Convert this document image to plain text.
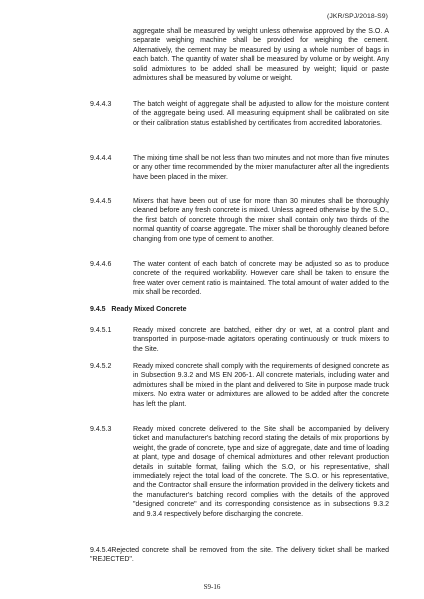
(JKR/SPJ/2018-S9)

aggregate shall be measured by weight unless otherwise approved by the S.O. A separate weighing machine shall be provided for weighing the cement. Alternatively, the cement may be measured by using a whole number of bags in each batch. The quantity of water shall be measured by volume or by weight. Any solid admixtures to be added shall be measured by weight; liquid or paste admixtures shall be measured by volume or weight.

9.4.4.3	The batch weight of aggregate shall be adjusted to allow for the moisture content of the aggregate being used. All measuring equipment shall be calibrated on site or their calibration status established by certificates from accredited laboratories.

9.4.4.4	The mixing time shall be not less than two minutes and not more than five minutes or any other time recommended by the mixer manufacturer after all the ingredients have been placed in the mixer.

9.4.4.5	Mixers that have been out of use for more than 30 minutes shall be thoroughly cleaned before any fresh concrete is mixed. Unless agreed otherwise by the S.O., the first batch of concrete through the mixer shall contain only two thirds of the normal quantity of coarse aggregate. The mixer shall be thoroughly cleaned before changing from one type of cement to another.

9.4.4.6	The water content of each batch of concrete may be adjusted so as to produce concrete of the required workability. However care shall be taken to ensure the free water over cement ratio is maintained. The total amount of water added to the mix shall be recorded.

9.4.5 Ready Mixed Concrete
9.4.5.1	Ready mixed concrete are batched, either dry or wet, at a control plant and transported in purpose-made agitators operating continuously or truck mixers to the Site.

9.4.5.2	Ready mixed concrete shall comply with the requirements of designed concrete as in Subsection 9.3.2 and MS EN 206-1. All concrete materials, including water and admixtures shall be mixed in the plant and delivered to Site in purpose made truck mixers. No extra water or admixtures are allowed to be added after the concrete has left the plant.

9.4.5.3	Ready mixed concrete delivered to the Site shall be accompanied by delivery ticket and manufacturer's batching record stating the details of mix proportions by weight, the grade of concrete, type and size of aggregate, date and time of loading at plant, type and dosage of chemical admixtures and other relevant production details in suitable format, failing which the S.O, or his representative, shall immediately reject the total load of the concrete. The S.O. or his representative, and the Contractor shall ensure the information provided in the delivery tickets and the manufacturer's batching record complies with the details of the approved "designed concrete" and its corresponding consistence as in subsections 9.3.2 and 9.3.4 respectively before discharging the concrete.

9.4.5.4Rejected concrete shall be removed from the site. The delivery ticket shall be marked "REJECTED".

S9-16
